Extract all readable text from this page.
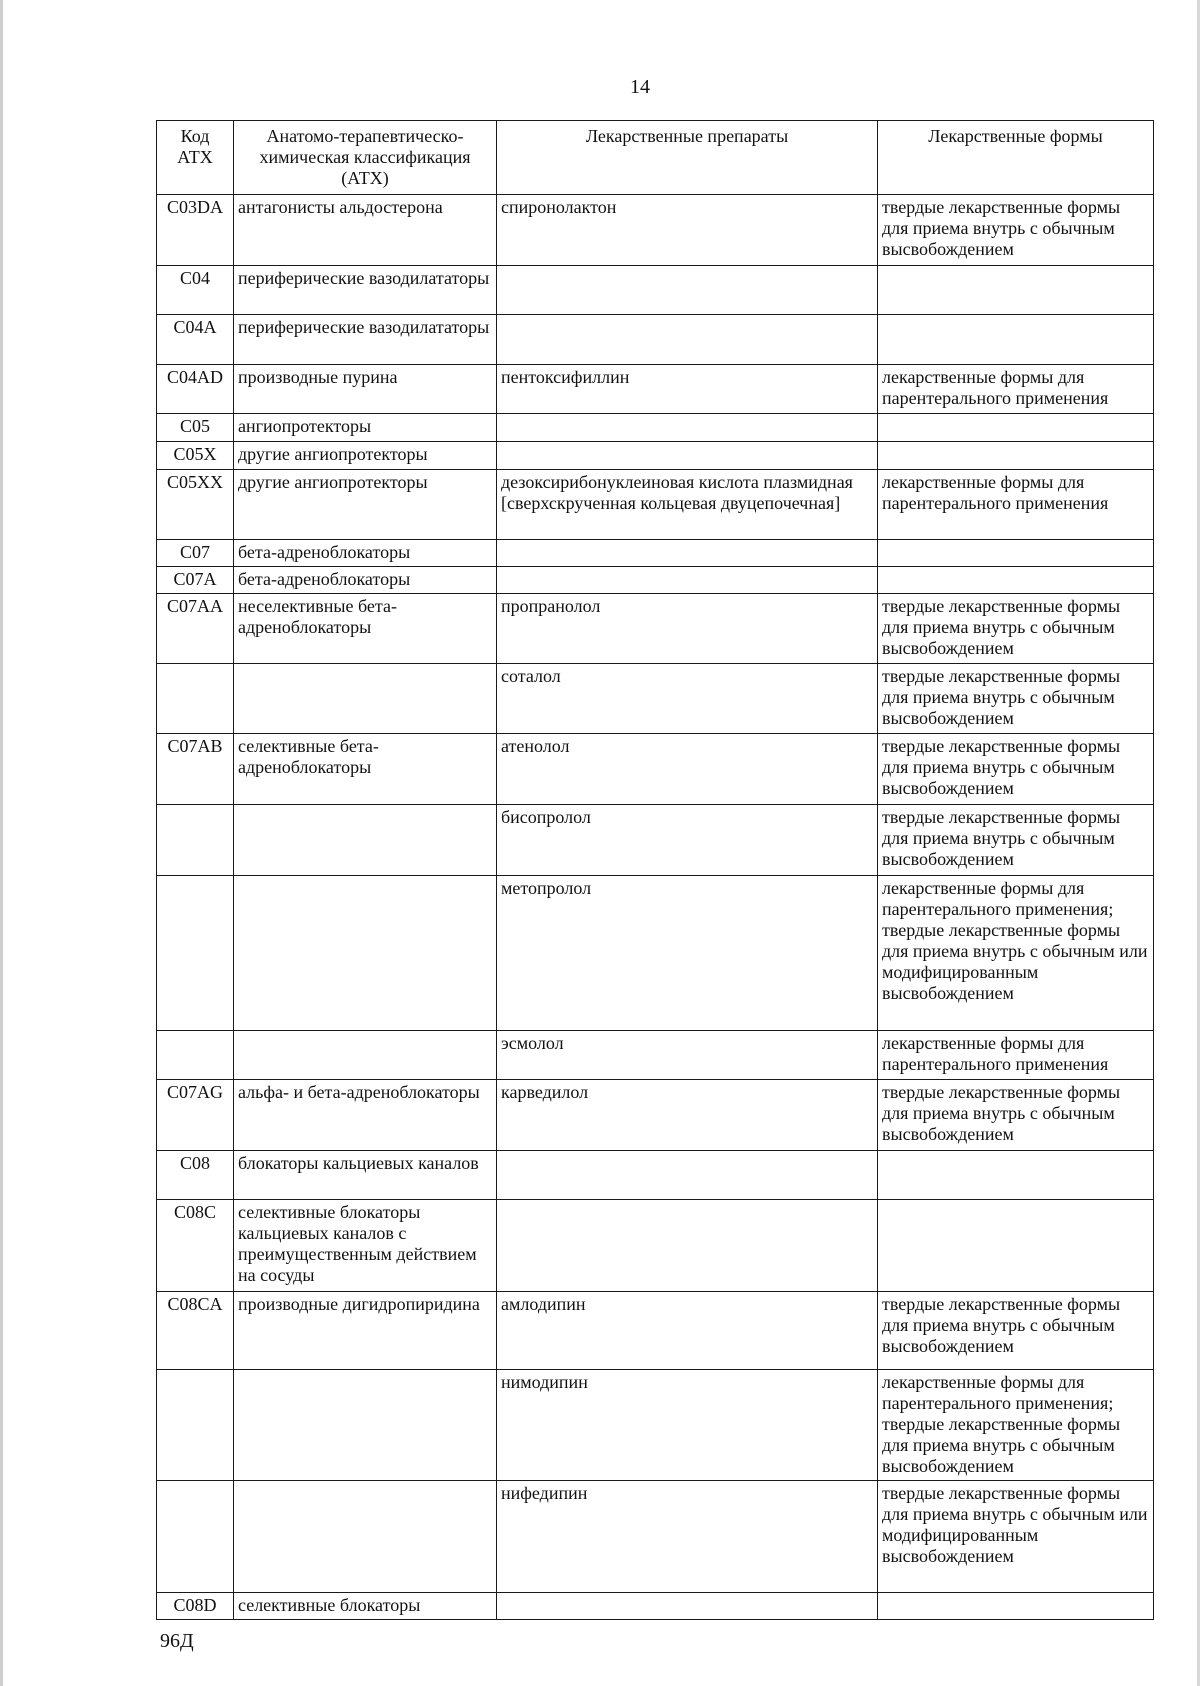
14
Код АТХ	Анатомо-терапевтическо-химическая классификация (АТХ)	Лекарственные препараты	Лекарственные формы
C03DA	антагонисты альдостерона	спиронолактон	твердые лекарственные формы для приема внутрь с обычным высвобождением
C04	периферические вазодилататоры		
C04A	периферические вазодилататоры		
C04AD	производные пурина	пентоксифиллин	лекарственные формы для парентерального применения
C05	ангиопротекторы		
C05X	другие ангиопротекторы		
C05XX	другие ангиопротекторы	дезоксирибонуклеиновая кислота плазмидная [сверхскрученная кольцевая двуцепочечная]	лекарственные формы для парентерального применения
C07	бета-адреноблокаторы		
C07A	бета-адреноблокаторы		
C07AA	неселективные бета-адреноблокаторы	пропранолол	твердые лекарственные формы для приема внутрь с обычным высвобождением
		соталол	твердые лекарственные формы для приема внутрь с обычным высвобождением
C07AB	селективные бета-адреноблокаторы	атенолол	твердые лекарственные формы для приема внутрь с обычным высвобождением
		бисопролол	твердые лекарственные формы для приема внутрь с обычным высвобождением
		метопролол	лекарственные формы для парентерального применения; твердые лекарственные формы для приема внутрь с обычным или модифицированным высвобождением
		эсмолол	лекарственные формы для парентерального применения
C07AG	альфа- и бета-адреноблокаторы	карведилол	твердые лекарственные формы для приема внутрь с обычным высвобождением
C08	блокаторы кальциевых каналов		
C08C	селективные блокаторы кальциевых каналов с преимущественным действием на сосуды		
C08CA	производные дигидропиридина	амлодипин	твердые лекарственные формы для приема внутрь с обычным высвобождением
		нимодипин	лекарственные формы для парентерального применения; твердые лекарственные формы для приема внутрь с обычным высвобождением
		нифедипин	твердые лекарственные формы для приема внутрь с обычным или модифицированным высвобождением
C08D	селективные блокаторы		
96Д
